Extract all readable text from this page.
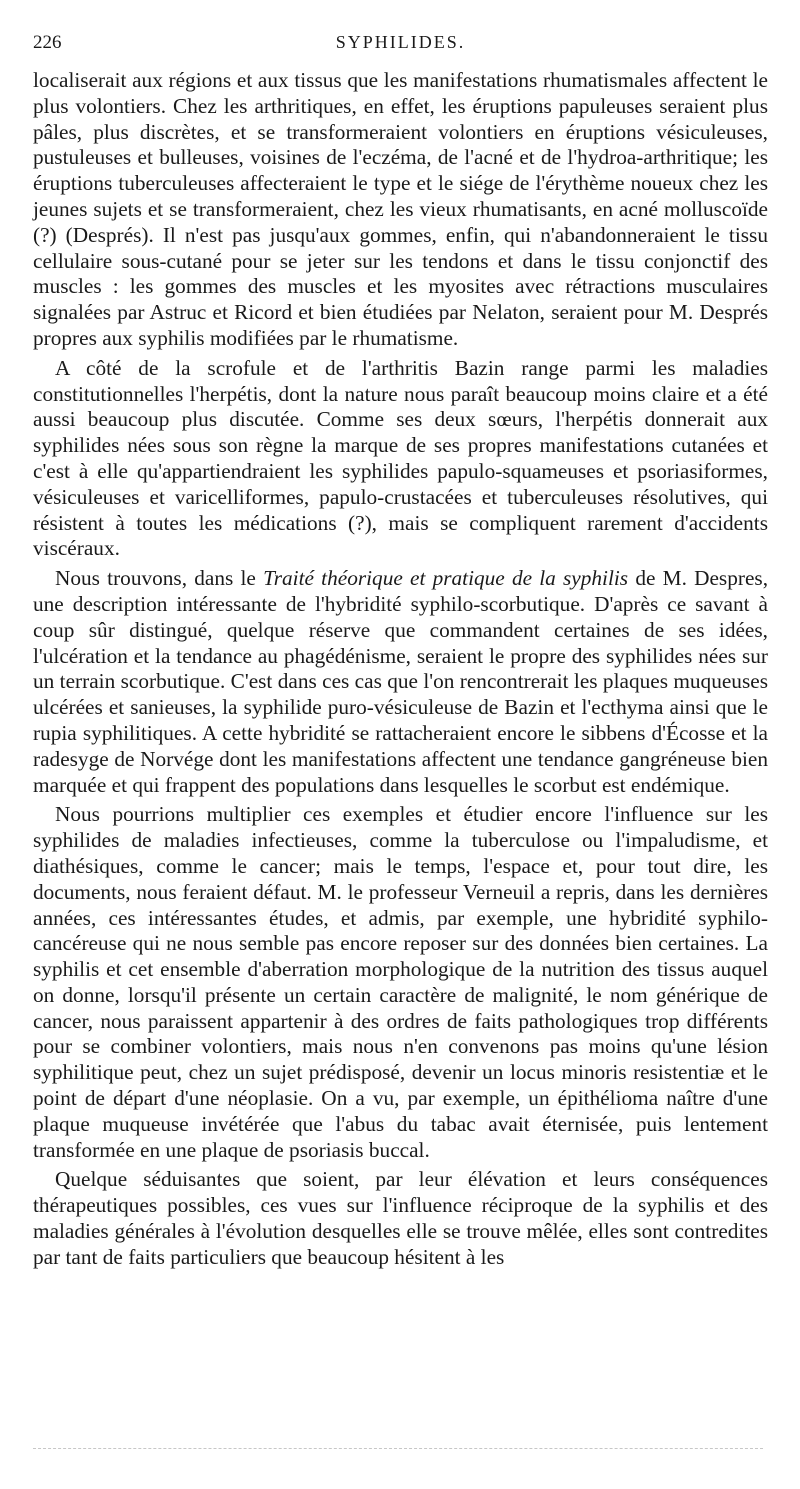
226	SYPHILIDES.

localiserait aux régions et aux tissus que les manifestations rhumatismales affectent le plus volontiers. Chez les arthritiques, en effet, les éruptions papuleuses seraient plus pâles, plus discrètes, et se transformeraient volontiers en éruptions vésiculeuses, pustuleuses et bulleuses, voisines de l'eczéma, de l'acné et de l'hydroa-arthritique; les éruptions tuberculeuses affecteraient le type et le siége de l'érythème noueux chez les jeunes sujets et se transformeraient, chez les vieux rhumatisants, en acné molluscoïde (?) (Després). Il n'est pas jusqu'aux gommes, enfin, qui n'abandonneraient le tissu cellulaire sous-cutané pour se jeter sur les tendons et dans le tissu conjonctif des muscles : les gommes des muscles et les myosites avec rétractions musculaires signalées par Astruc et Ricord et bien étudiées par Nelaton, seraient pour M. Després propres aux syphilis modifiées par le rhumatisme.

A côté de la scrofule et de l'arthritis Bazin range parmi les maladies constitutionnelles l'herpétis, dont la nature nous paraît beaucoup moins claire et a été aussi beaucoup plus discutée. Comme ses deux sœurs, l'herpétis donnerait aux syphilides nées sous son règne la marque de ses propres manifestations cutanées et c'est à elle qu'appartiendraient les syphilides papulo-squameuses et psoriasiformes, vésiculeuses et varicelliformes, papulo-crustacées et tuberculeuses résolutives, qui résistent à toutes les médications (?), mais se compliquent rarement d'accidents viscéraux.

Nous trouvons, dans le Traité théorique et pratique de la syphilis de M. Despres, une description intéressante de l'hybridité syphilo-scorbutique. D'après ce savant à coup sûr distingué, quelque réserve que commandent certaines de ses idées, l'ulcération et la tendance au phagédénisme, seraient le propre des syphilides nées sur un terrain scorbutique. C'est dans ces cas que l'on rencontrerait les plaques muqueuses ulcérées et sanieuses, la syphilide puro-vésiculeuse de Bazin et l'ecthyma ainsi que le rupia syphilitiques. A cette hybridité se rattacheraient encore le sibbens d'Écosse et la radesyge de Norvége dont les manifestations affectent une tendance gangréneuse bien marquée et qui frappent des populations dans lesquelles le scorbut est endémique.

Nous pourrions multiplier ces exemples et étudier encore l'influence sur les syphilides de maladies infectieuses, comme la tuberculose ou l'impaludisme, et diathésiques, comme le cancer; mais le temps, l'espace et, pour tout dire, les documents, nous feraient défaut. M. le professeur Verneuil a repris, dans les dernières années, ces intéressantes études, et admis, par exemple, une hybridité syphilo-cancéreuse qui ne nous semble pas encore reposer sur des données bien certaines. La syphilis et cet ensemble d'aberration morphologique de la nutrition des tissus auquel on donne, lorsqu'il présente un certain caractère de malignité, le nom générique de cancer, nous paraissent appartenir à des ordres de faits pathologiques trop différents pour se combiner volontiers, mais nous n'en convenons pas moins qu'une lésion syphilitique peut, chez un sujet prédisposé, devenir un locus minoris resistentiæ et le point de départ d'une néoplasie. On a vu, par exemple, un épithélioma naître d'une plaque muqueuse invétérée que l'abus du tabac avait éternisée, puis lentement transformée en une plaque de psoriasis buccal.

Quelque séduisantes que soient, par leur élévation et leurs conséquences thérapeutiques possibles, ces vues sur l'influence réciproque de la syphilis et des maladies générales à l'évolution desquelles elle se trouve mêlée, elles sont contredites par tant de faits particuliers que beaucoup hésitent à les
